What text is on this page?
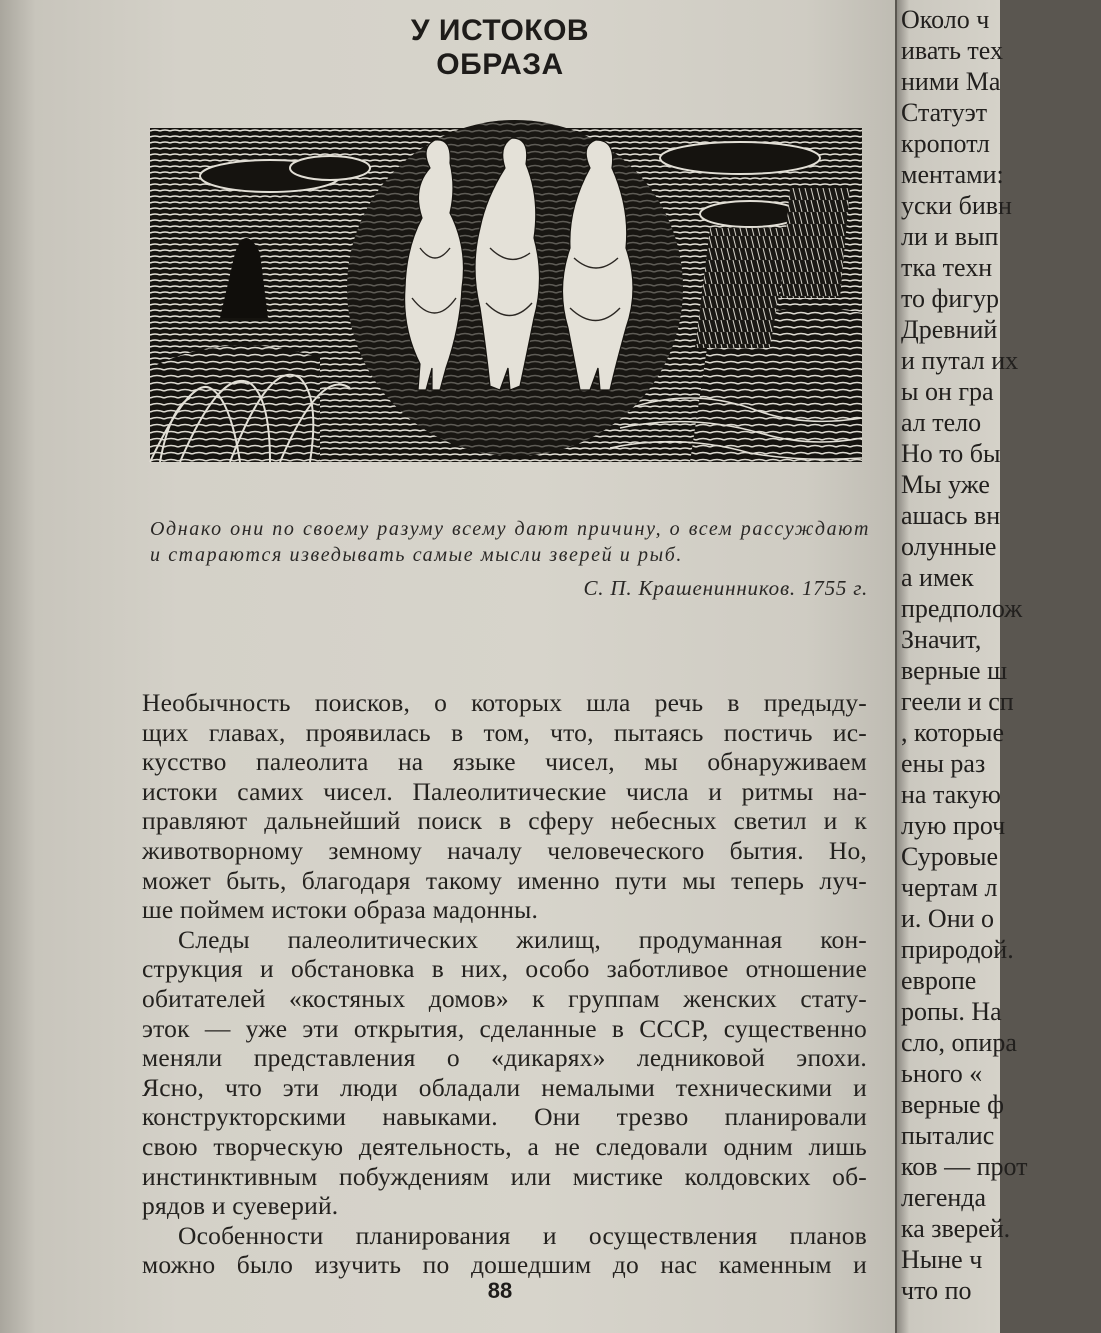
У ИСТОКОВ
ОБРАЗА
Однако они по своему разуму всему дают причину, о всем рассуждают и стараются изведывать самые мысли зверей и рыб.
С. П. Крашенинников. 1755 г.
Необычность поисков, о которых шла речь в предыду-
щих главах, проявилась в том, что, пытаясь постичь ис-
кусство палеолита на языке чисел, мы обнаруживаем
истоки самих чисел. Палеолитические числа и ритмы на-
правляют дальнейший поиск в сферу небесных светил и к
животворному земному началу человеческого бытия. Но,
может быть, благодаря такому именно пути мы теперь луч-
ше поймем истоки образа мадонны.
Следы палеолитических жилищ, продуманная кон-
струкция и обстановка в них, особо заботливое отношение
обитателей «костяных домов» к группам женских стату-
эток — уже эти открытия, сделанные в СССР, существенно
меняли представления о «дикарях» ледниковой эпохи.
Ясно, что эти люди обладали немалыми техническими и
конструкторскими навыками. Они трезво планировали
свою творческую деятельность, а не следовали одним лишь
инстинктивным побуждениям или мистике колдовских об-
рядов и суеверий.
Особенности планирования и осуществления планов
можно было изучить по дошедшим до нас каменным и
88
Около ч
ивать тех
ними Ма
Статуэт
кропотл
ментами:
уски бивн
ли и вып
тка техн
то фигур
Древний
и путал их
ы он гра
ал тело
Но то бы
Мы уже
ашась вн
олунные
а имек
предполож
Значит,
верные ш
геели и сп
, которые
ены раз
на такую
лую проч
Суровые
чертам л
и. Они о
природой.
европе
ропы. На
сло, опира
ьного «
верные ф
пыталис
ков — прот
легенда
ка зверей.
Ныне ч
что по
